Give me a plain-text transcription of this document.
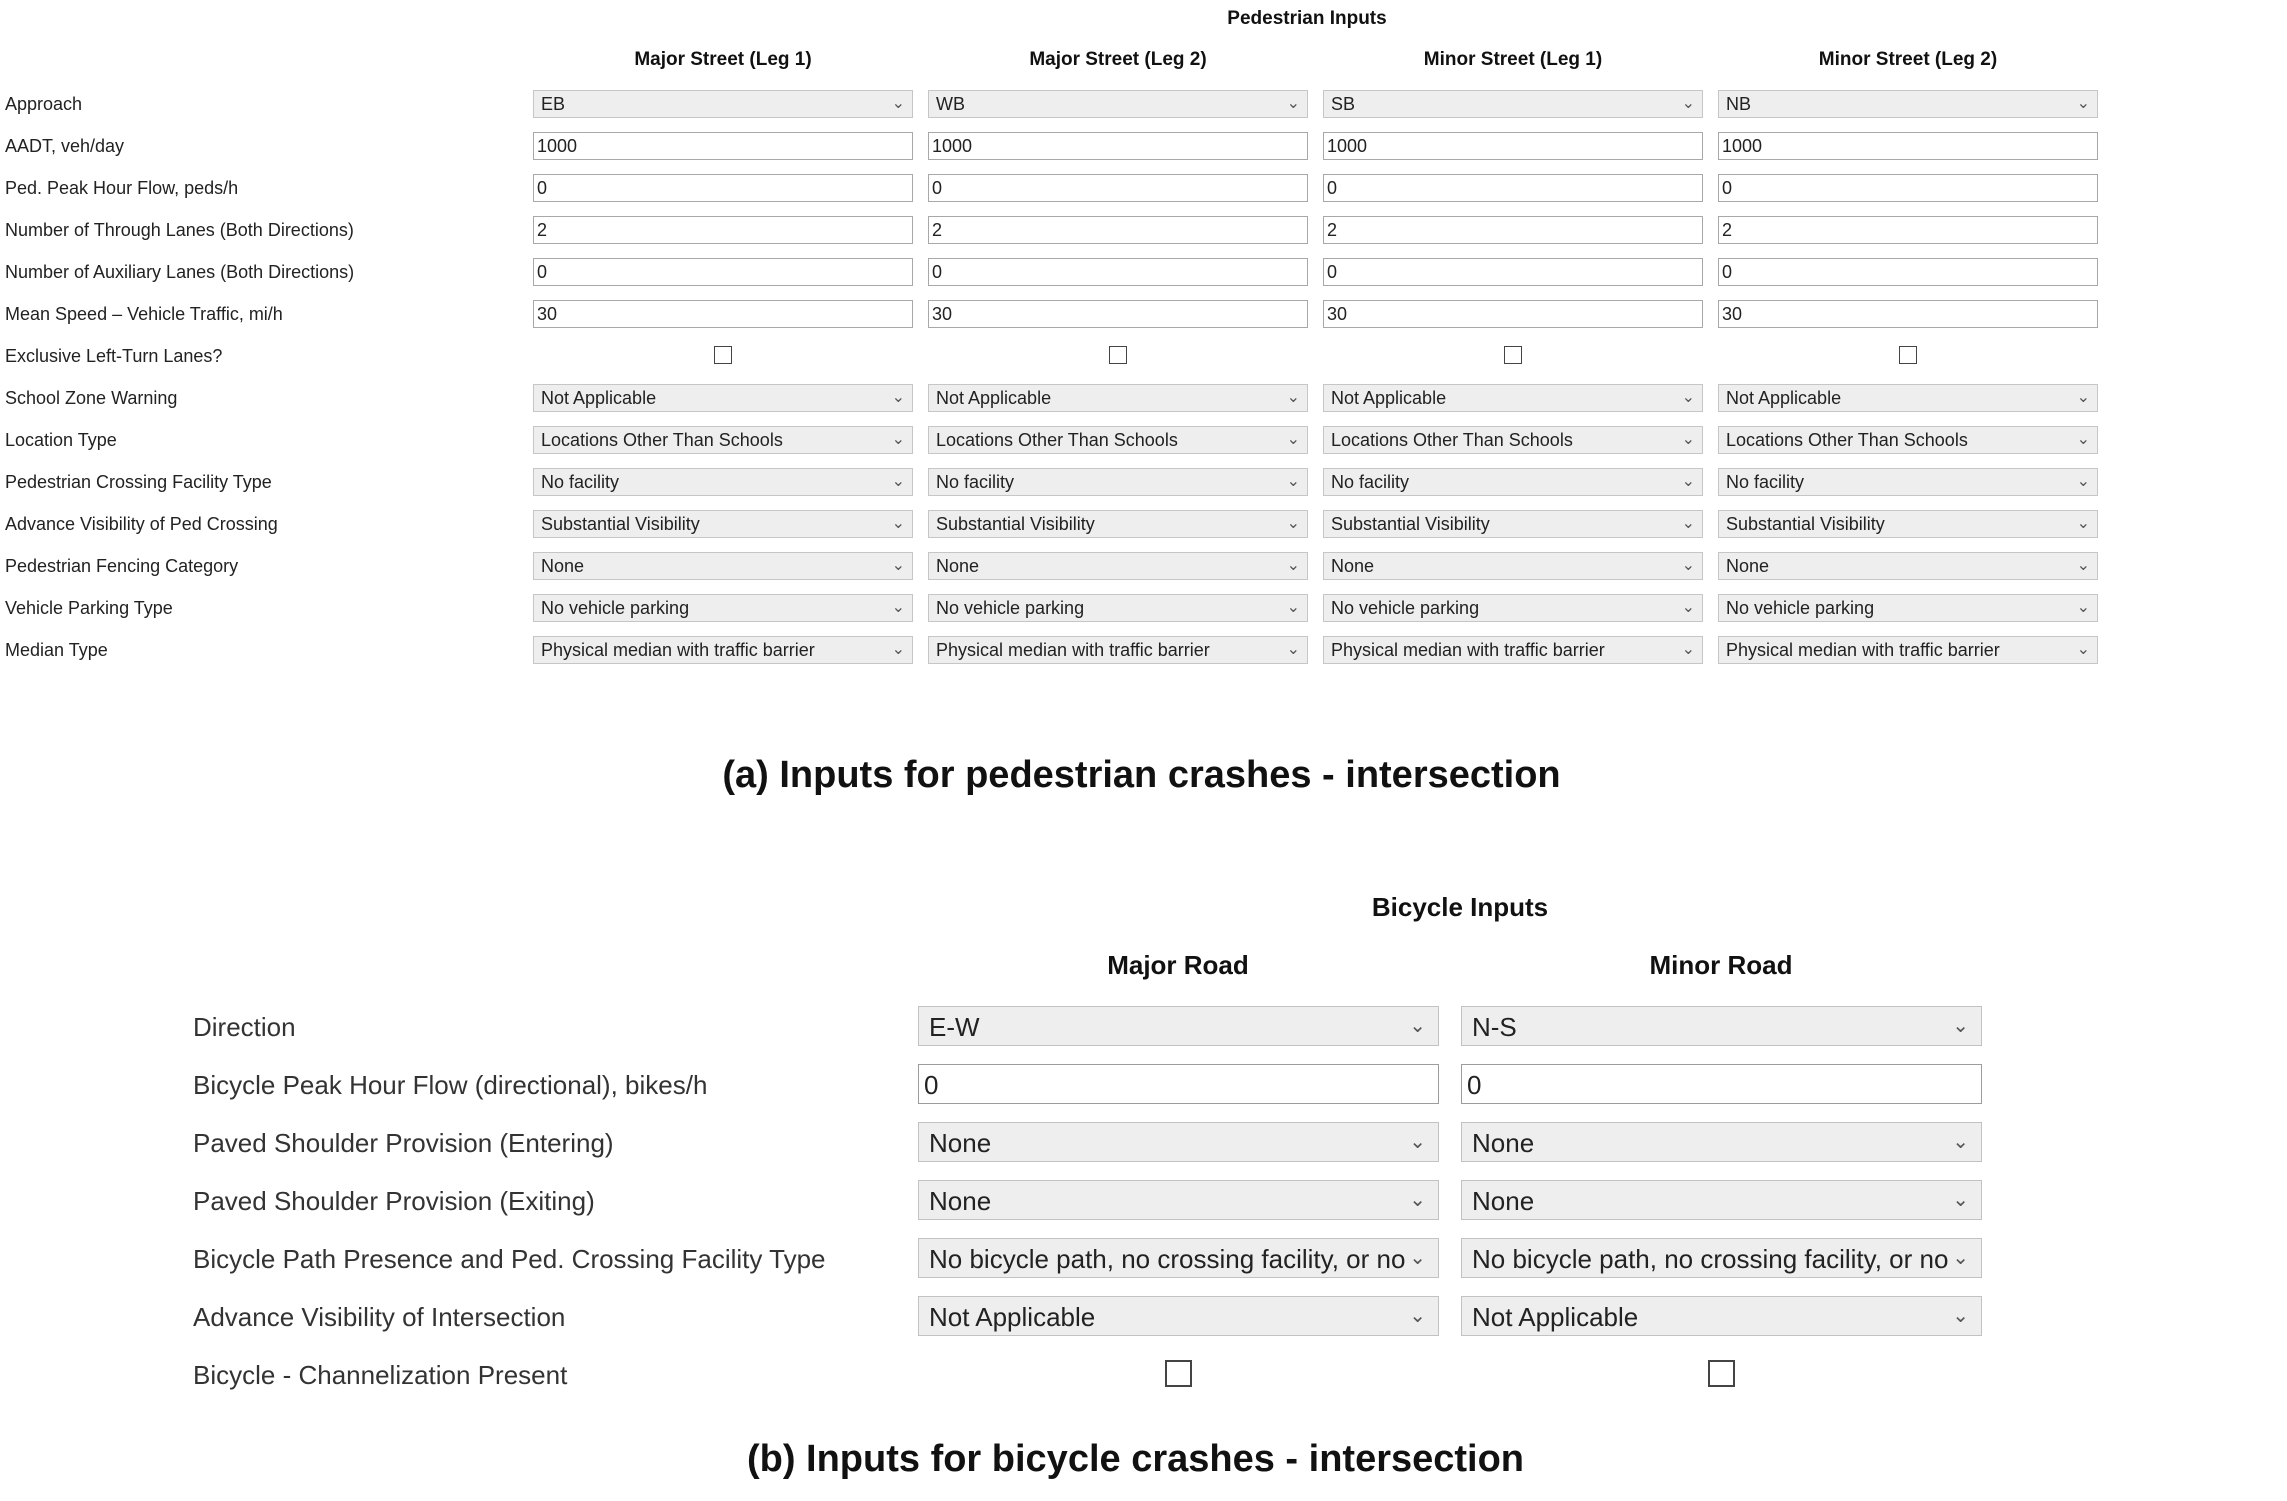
Pedestrian Inputs
Major Street (Leg 1)	Major Street (Leg 2)	Minor Street (Leg 1)	Minor Street (Leg 2)
Approach	EB	⌄	WB	⌄	SB	⌄	NB	⌄
AADT, veh/day	1000	1000	1000	1000
Ped. Peak Hour Flow, peds/h	0	0	0	0
Number of Through Lanes (Both Directions)	2	2	2	2
Number of Auxiliary Lanes (Both Directions)	0	0	0	0
Mean Speed – Vehicle Traffic, mi/h	30	30	30	30
Exclusive Left-Turn Lanes?
School Zone Warning	Not Applicable	⌄	Not Applicable	⌄	Not Applicable	⌄	Not Applicable	⌄
Location Type	Locations Other Than Schools	⌄	Locations Other Than Schools	⌄	Locations Other Than Schools	⌄	Locations Other Than Schools	⌄
Pedestrian Crossing Facility Type	No facility	⌄	No facility	⌄	No facility	⌄	No facility	⌄
Advance Visibility of Ped Crossing	Substantial Visibility	⌄	Substantial Visibility	⌄	Substantial Visibility	⌄	Substantial Visibility	⌄
Pedestrian Fencing Category	None	⌄	None	⌄	None	⌄	None	⌄
Vehicle Parking Type	No vehicle parking	⌄	No vehicle parking	⌄	No vehicle parking	⌄	No vehicle parking	⌄
Median Type	Physical median with traffic barrier	⌄	Physical median with traffic barrier	⌄	Physical median with traffic barrier	⌄	Physical median with traffic barrier	⌄
(a) Inputs for pedestrian crashes - intersection
Bicycle Inputs
Major Road	Minor Road
Direction	E-W	⌄	N-S	⌄
Bicycle Peak Hour Flow (directional), bikes/h	0	0
Paved Shoulder Provision (Entering)	None	⌄	None	⌄
Paved Shoulder Provision (Exiting)	None	⌄	None	⌄
Bicycle Path Presence and Ped. Crossing Facility Type	No bicycle path, no crossing facility, or no ⌄	No bicycle path, no crossing facility, or no ⌄
Advance Visibility of Intersection	Not Applicable	⌄	Not Applicable	⌄
Bicycle - Channelization Present
(b) Inputs for bicycle crashes - intersection
